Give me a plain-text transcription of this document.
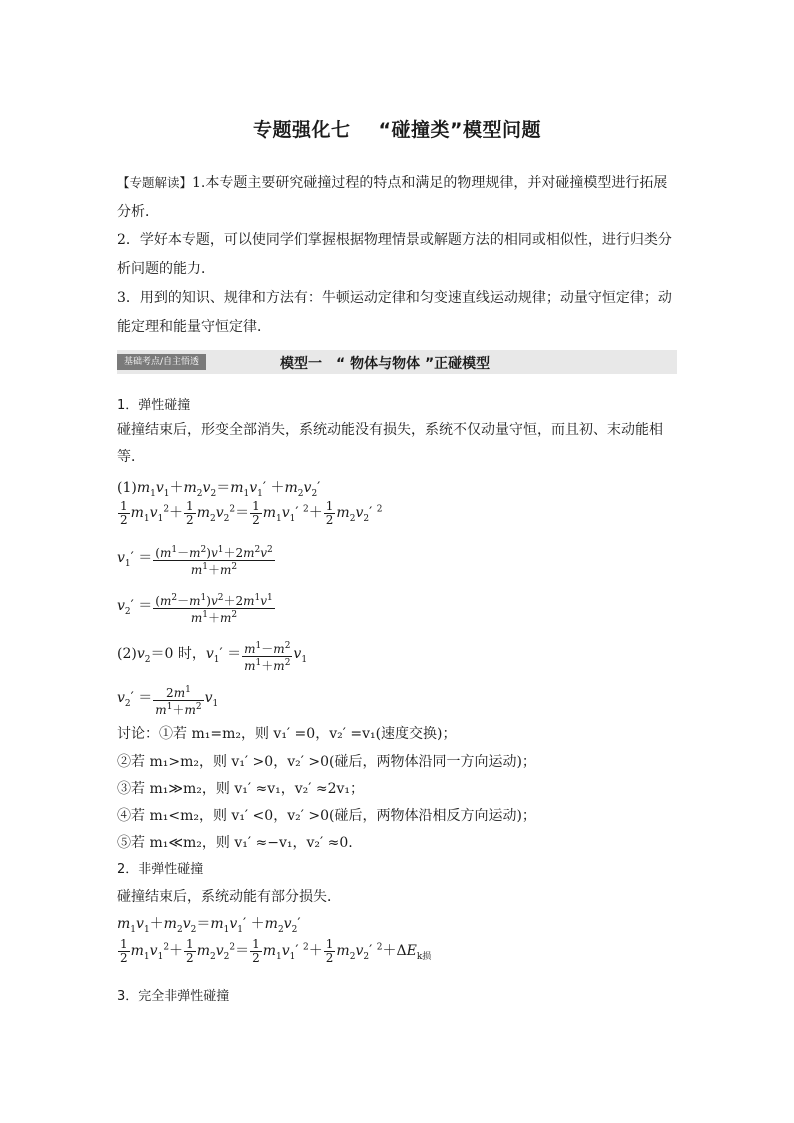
专题强化七 “碰撞类”模型问题
【专题解读】1.本专题主要研究碰撞过程的特点和满足的物理规律，并对碰撞模型进行拓展分析．
2．学好本专题，可以使同学们掌握根据物理情景或解题方法的相同或相似性，进行归类分析问题的能力．
3．用到的知识、规律和方法有：牛顿运动定律和匀变速直线运动规律；动量守恒定律；动能定理和能量守恒定律．
基础考点/自主悟透	模型一　“ 物体与物体 ”正碰模型
1．弹性碰撞
碰撞结束后，形变全部消失，系统动能没有损失，系统不仅动量守恒，而且初、末动能相等．
$(1)m_1v_1+m_2v_2=m_1v_1' +m_2v_2'$
$\frac{1}{2} m_1v_1^2+ \frac{1}{2} m_2v_2^2= \frac{1}{2} m_1v_1'$ $^2+ \frac{1}{2} m_2v_2'$ $^2$
$v_1' = \frac{(m^1-m^2)v^1+2m^2v^2}{m^1+m^2}$
$v_2' = \frac{(m^2-m^1)v^2+2m^1v^1}{m^1+m^2}$
$(2)v_2=0$ 时，$v_1' = \frac{m^1-m^2}{m^1+m^2} v_1$
$v_2' = \frac{2m^1}{m^1+m^2} v_1$
讨论：①若 m₁=m₂，则 v₁′ =0，v₂′ =v₁(速度交换)；
②若 m₁>m₂，则 v₁′ >0，v₂′ >0(碰后，两物体沿同一方向运动)；
③若 m₁≫m₂，则 v₁′ ≈v₁，v₂′ ≈2v₁；
④若 m₁<m₂，则 v₁′ <0，v₂′ >0(碰后，两物体沿相反方向运动)；
⑤若 m₁≪m₂，则 v₁′ ≈−v₁，v₂′ ≈0.
2．非弹性碰撞
碰撞结束后，系统动能有部分损失．
$m_1v_1+m_2v_2=m_1v_1' +m_2v_2'$
$\frac{1}{2} m_1v_1^2+ \frac{1}{2} m_2v_2^2= \frac{1}{2} m_1v_1'$ $^2+ \frac{1}{2} m_2v_2'$ $^2+\Delta E_{k损}$
3．完全非弹性碰撞
